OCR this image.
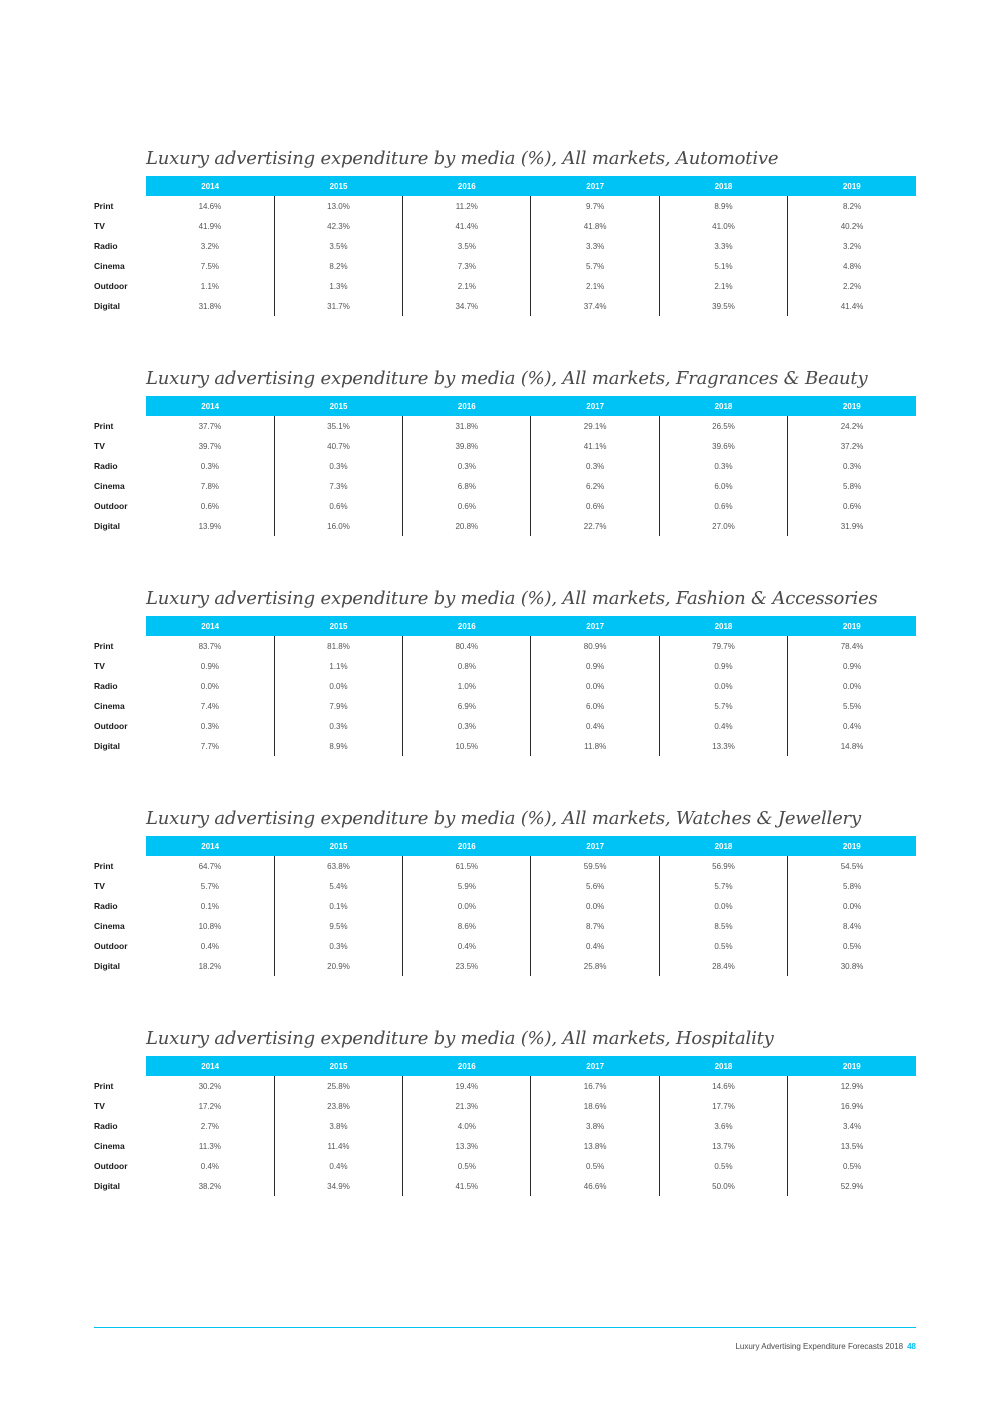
Luxury advertising expenditure by media (%), All markets, Automotive
	2014	2015	2016	2017	2018	2019
Print	14.6%	13.0%	11.2%	9.7%	8.9%	8.2%
TV	41.9%	42.3%	41.4%	41.8%	41.0%	40.2%
Radio	3.2%	3.5%	3.5%	3.3%	3.3%	3.2%
Cinema	7.5%	8.2%	7.3%	5.7%	5.1%	4.8%
Outdoor	1.1%	1.3%	2.1%	2.1%	2.1%	2.2%
Digital	31.8%	31.7%	34.7%	37.4%	39.5%	41.4%
Luxury advertising expenditure by media (%), All markets, Fragrances & Beauty
	2014	2015	2016	2017	2018	2019
Print	37.7%	35.1%	31.8%	29.1%	26.5%	24.2%
TV	39.7%	40.7%	39.8%	41.1%	39.6%	37.2%
Radio	0.3%	0.3%	0.3%	0.3%	0.3%	0.3%
Cinema	7.8%	7.3%	6.8%	6.2%	6.0%	5.8%
Outdoor	0.6%	0.6%	0.6%	0.6%	0.6%	0.6%
Digital	13.9%	16.0%	20.8%	22.7%	27.0%	31.9%
Luxury advertising expenditure by media (%), All markets, Fashion & Accessories
	2014	2015	2016	2017	2018	2019
Print	83.7%	81.8%	80.4%	80.9%	79.7%	78.4%
TV	0.9%	1.1%	0.8%	0.9%	0.9%	0.9%
Radio	0.0%	0.0%	1.0%	0.0%	0.0%	0.0%
Cinema	7.4%	7.9%	6.9%	6.0%	5.7%	5.5%
Outdoor	0.3%	0.3%	0.3%	0.4%	0.4%	0.4%
Digital	7.7%	8.9%	10.5%	11.8%	13.3%	14.8%
Luxury advertising expenditure by media (%), All markets, Watches & Jewellery
	2014	2015	2016	2017	2018	2019
Print	64.7%	63.8%	61.5%	59.5%	56.9%	54.5%
TV	5.7%	5.4%	5.9%	5.6%	5.7%	5.8%
Radio	0.1%	0.1%	0.0%	0.0%	0.0%	0.0%
Cinema	10.8%	9.5%	8.6%	8.7%	8.5%	8.4%
Outdoor	0.4%	0.3%	0.4%	0.4%	0.5%	0.5%
Digital	18.2%	20.9%	23.5%	25.8%	28.4%	30.8%
Luxury advertising expenditure by media (%), All markets, Hospitality
	2014	2015	2016	2017	2018	2019
Print	30.2%	25.8%	19.4%	16.7%	14.6%	12.9%
TV	17.2%	23.8%	21.3%	18.6%	17.7%	16.9%
Radio	2.7%	3.8%	4.0%	3.8%	3.6%	3.4%
Cinema	11.3%	11.4%	13.3%	13.8%	13.7%	13.5%
Outdoor	0.4%	0.4%	0.5%	0.5%	0.5%	0.5%
Digital	38.2%	34.9%	41.5%	46.6%	50.0%	52.9%
Luxury Advertising Expenditure Forecasts 2018 48
